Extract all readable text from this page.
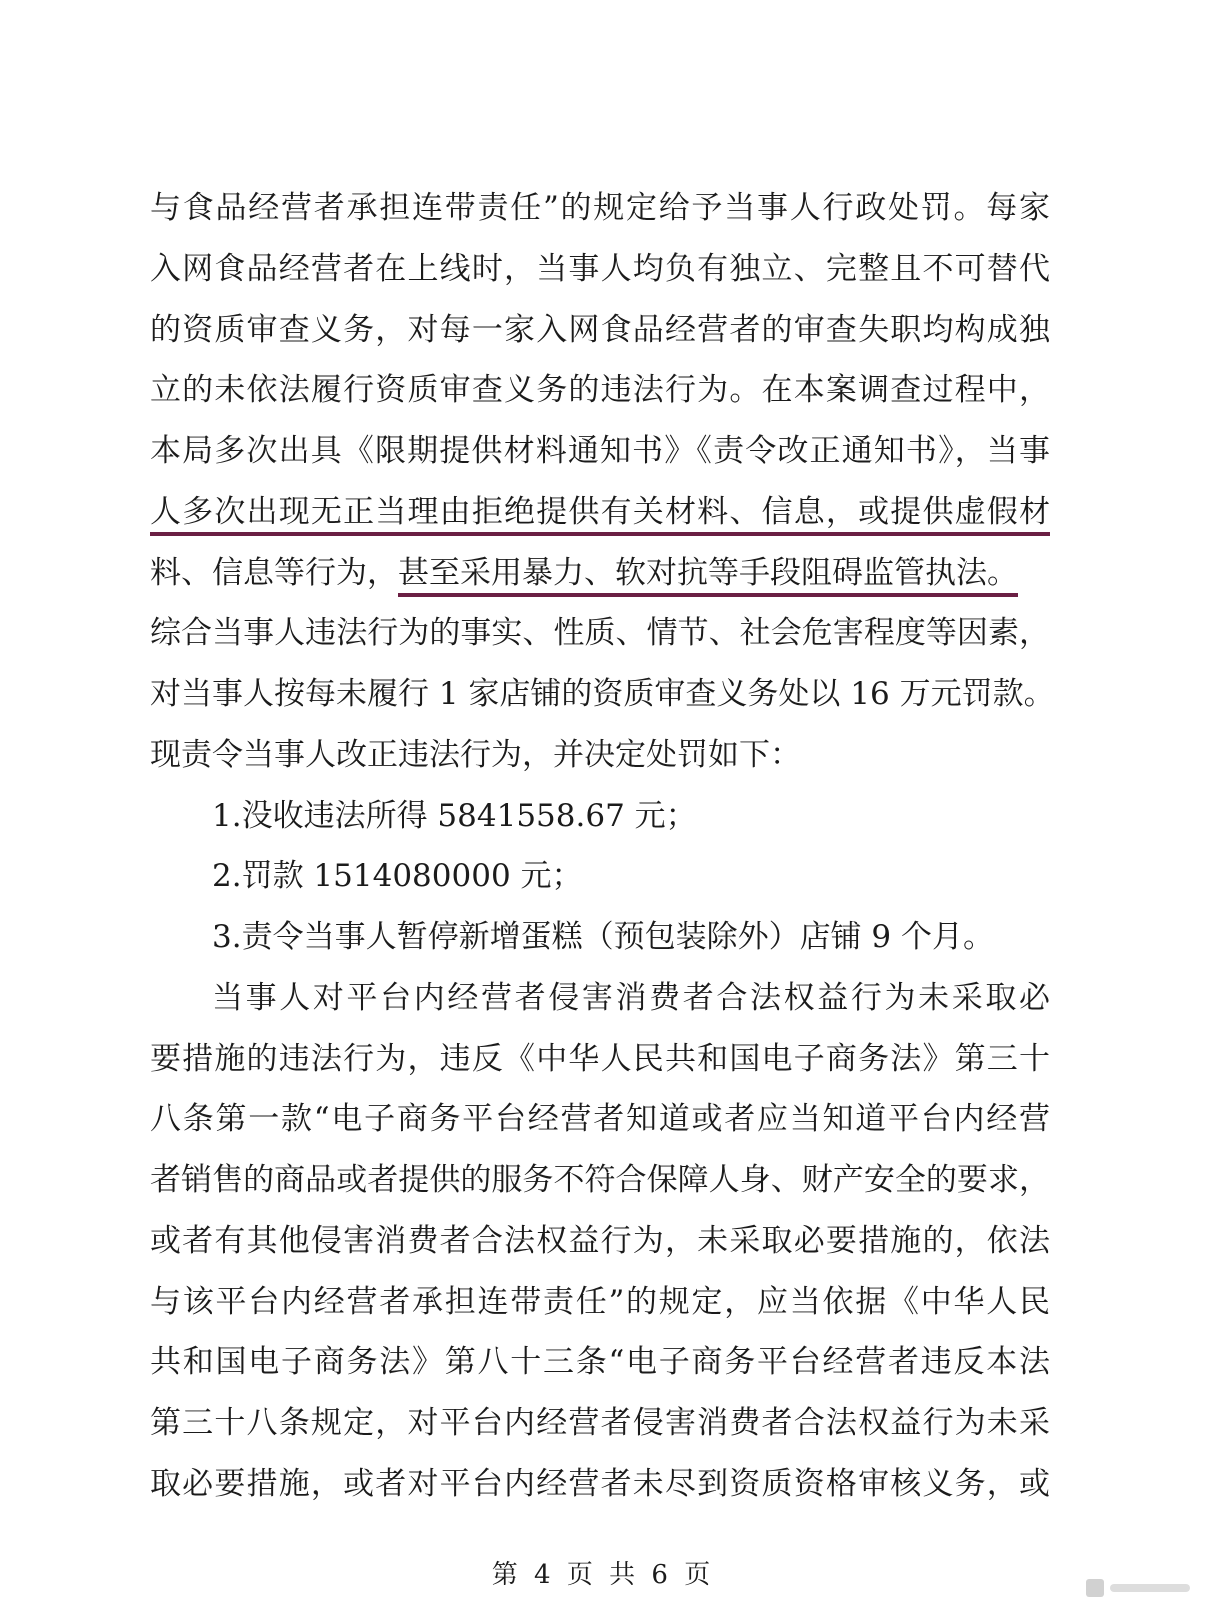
与食品经营者承担连带责任”的规定给予当事人行政处罚。每家
入网食品经营者在上线时，当事人均负有独立、完整且不可替代
的资质审查义务，对每一家入网食品经营者的审查失职均构成独
立的未依法履行资质审查义务的违法行为。在本案调查过程中，
本局多次出具《限期提供材料通知书》《责令改正通知书》，当事
人多次出现无正当理由拒绝提供有关材料、信息，或提供虚假材
料、信息等行为，甚至采用暴力、软对抗等手段阻碍监管执法。
综合当事人违法行为的事实、性质、情节、社会危害程度等因素，
对当事人按每未履行 1 家店铺的资质审查义务处以 16 万元罚款。
现责令当事人改正违法行为，并决定处罚如下：
1.没收违法所得 5841558.67 元；
2.罚款 1514080000 元；
3.责令当事人暂停新增蛋糕（预包装除外）店铺 9 个月。
当事人对平台内经营者侵害消费者合法权益行为未采取必
要措施的违法行为，违反《中华人民共和国电子商务法》第三十
八条第一款“电子商务平台经营者知道或者应当知道平台内经营
者销售的商品或者提供的服务不符合保障人身、财产安全的要求，
或者有其他侵害消费者合法权益行为，未采取必要措施的，依法
与该平台内经营者承担连带责任”的规定，应当依据《中华人民
共和国电子商务法》第八十三条“电子商务平台经营者违反本法
第三十八条规定，对平台内经营者侵害消费者合法权益行为未采
取必要措施，或者对平台内经营者未尽到资质资格审核义务，或
第 4 页 共 6 页
